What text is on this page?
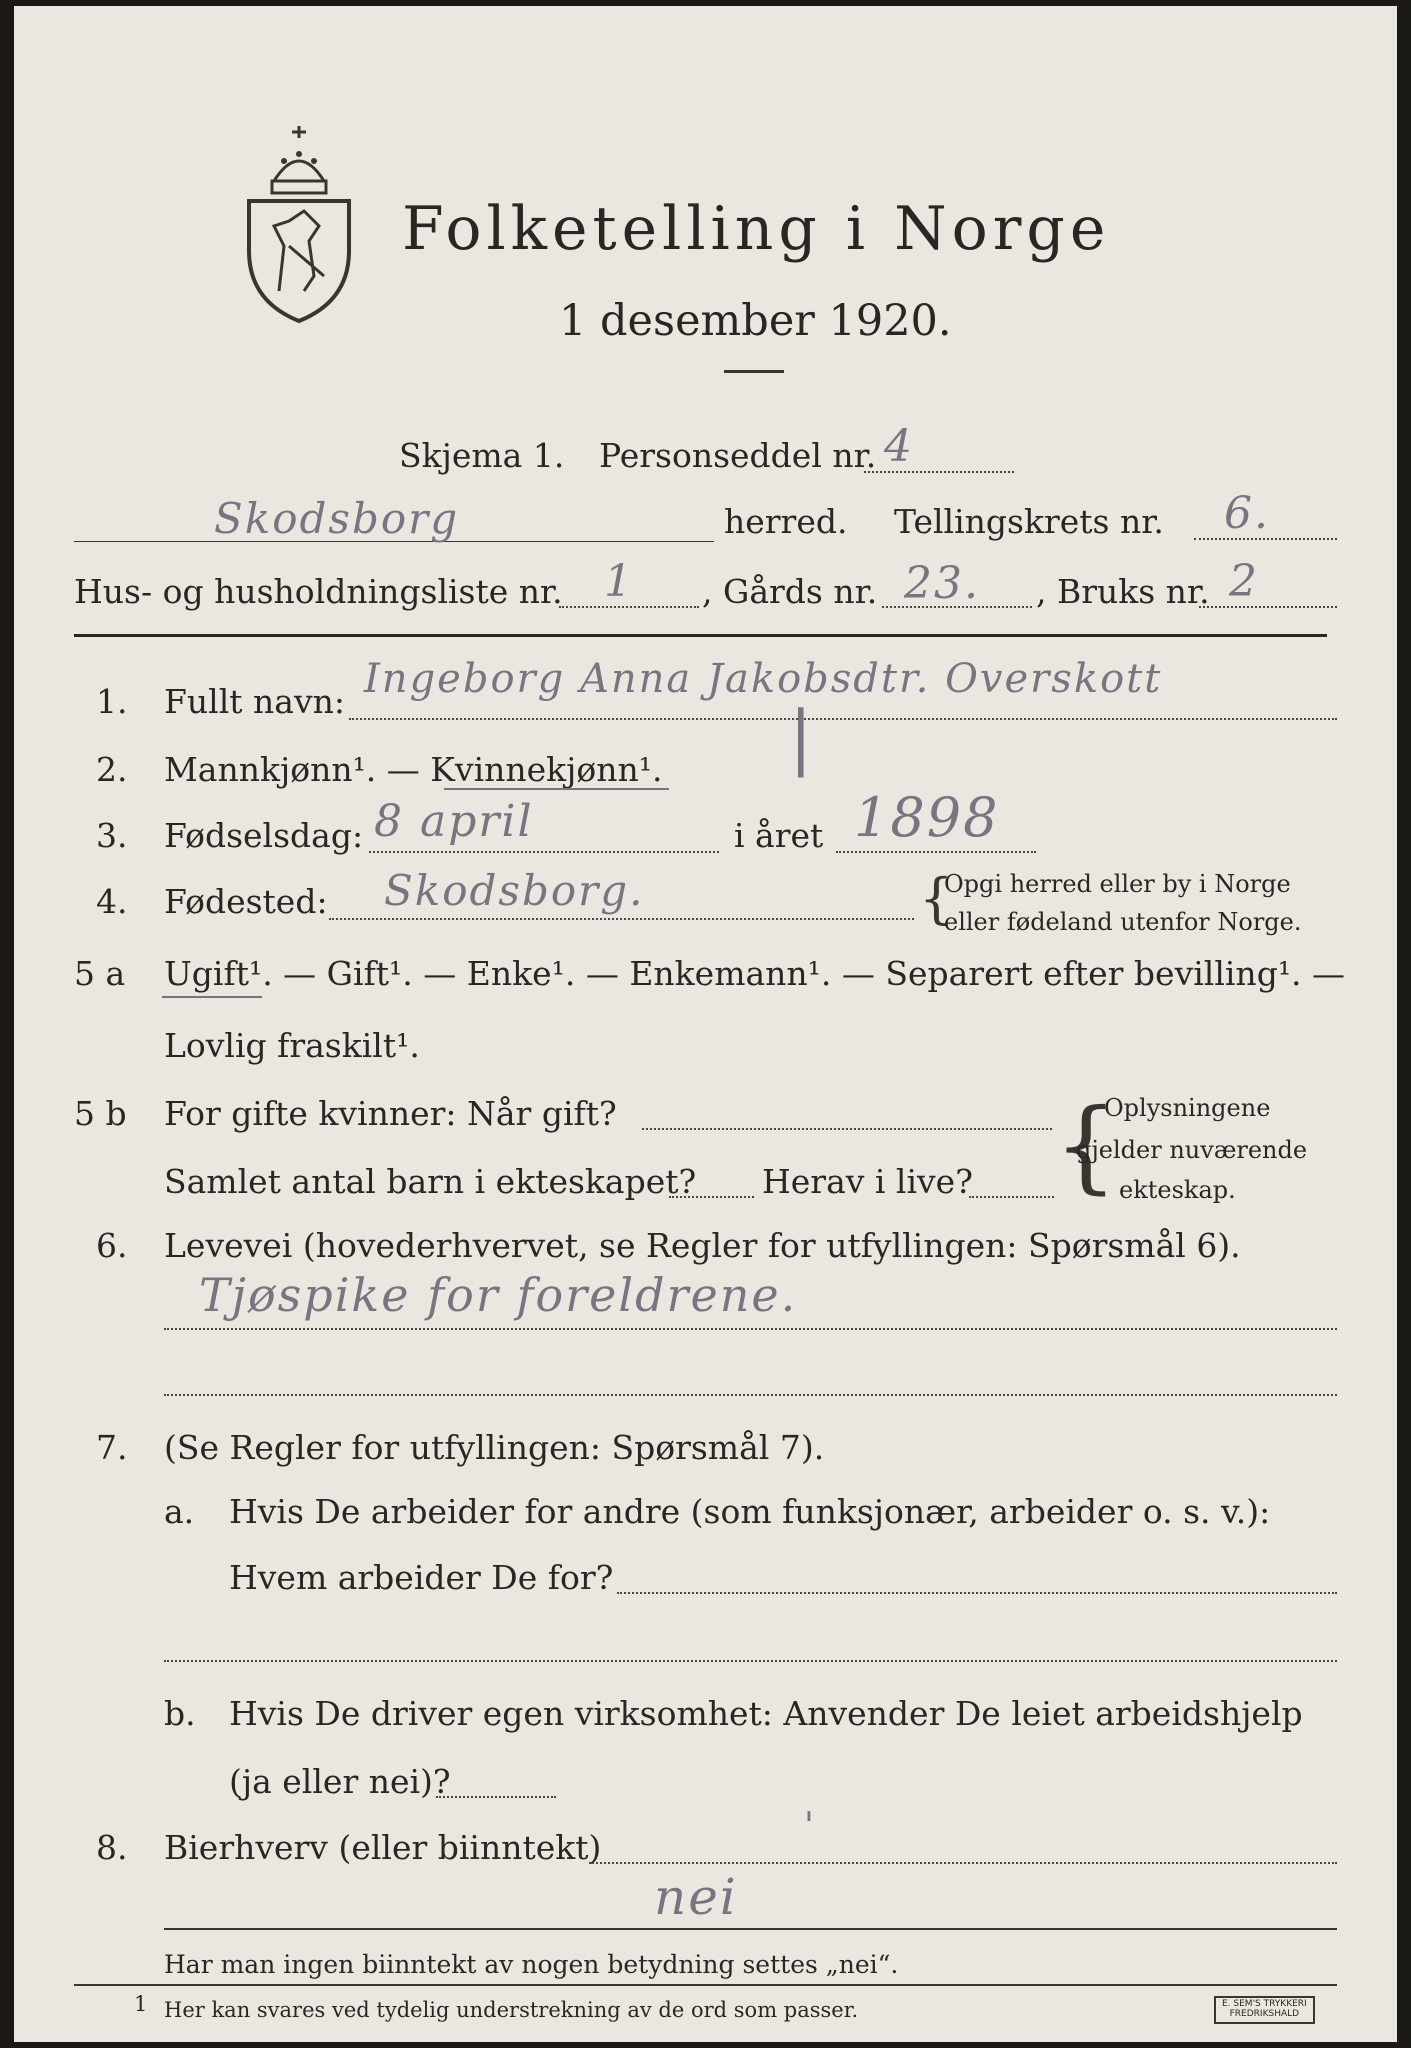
Folketelling i Norge
1 desember 1920.
Skjema 1. Personseddel nr. 4
Skodsborg	herred. Tellingskrets nr. 6.
Hus- og husholdningsliste nr. 1 , Gårds nr. 23. , Bruks nr. 2
1. Fullt navn: Ingeborg Anna Jakobsdtr. Overskott
2. Mannkjønn¹. — Kvinnekjønn¹. |
3. Fødselsdag: 8 april	i året 1898
4. Fødested: Skodsborg.	{
Opgi herred eller by i Norge
eller fødeland utenfor Norge.
5 a Ugift¹. — Gift¹. — Enke¹. — Enkemann¹. — Separert efter bevilling¹. —
Lovlig fraskilt¹.
5 b For gifte kvinner: Når gift?
Samlet antal barn i ekteskapet? Herav i live? {
Oplysningene
gjelder nuværende
ekteskap.
6. Levevei (hovederhvervet, se Regler for utfyllingen: Spørsmål 6).
Tjøspike for foreldrene.
7. (Se Regler for utfyllingen: Spørsmål 7).
a. Hvis De arbeider for andre (som funksjonær, arbeider o. s. v.):
Hvem arbeider De for?
b. Hvis De driver egen virksomhet: Anvender De leiet arbeidshjelp
(ja eller nei)?
8. Bierhverv (eller biinntekt)
'
nei
Har man ingen biinntekt av nogen betydning settes „nei“.
1 Her kan svares ved tydelig understrekning av de ord som passer.	E. SEM'S TRYKKERI
FREDRIKSHALD
